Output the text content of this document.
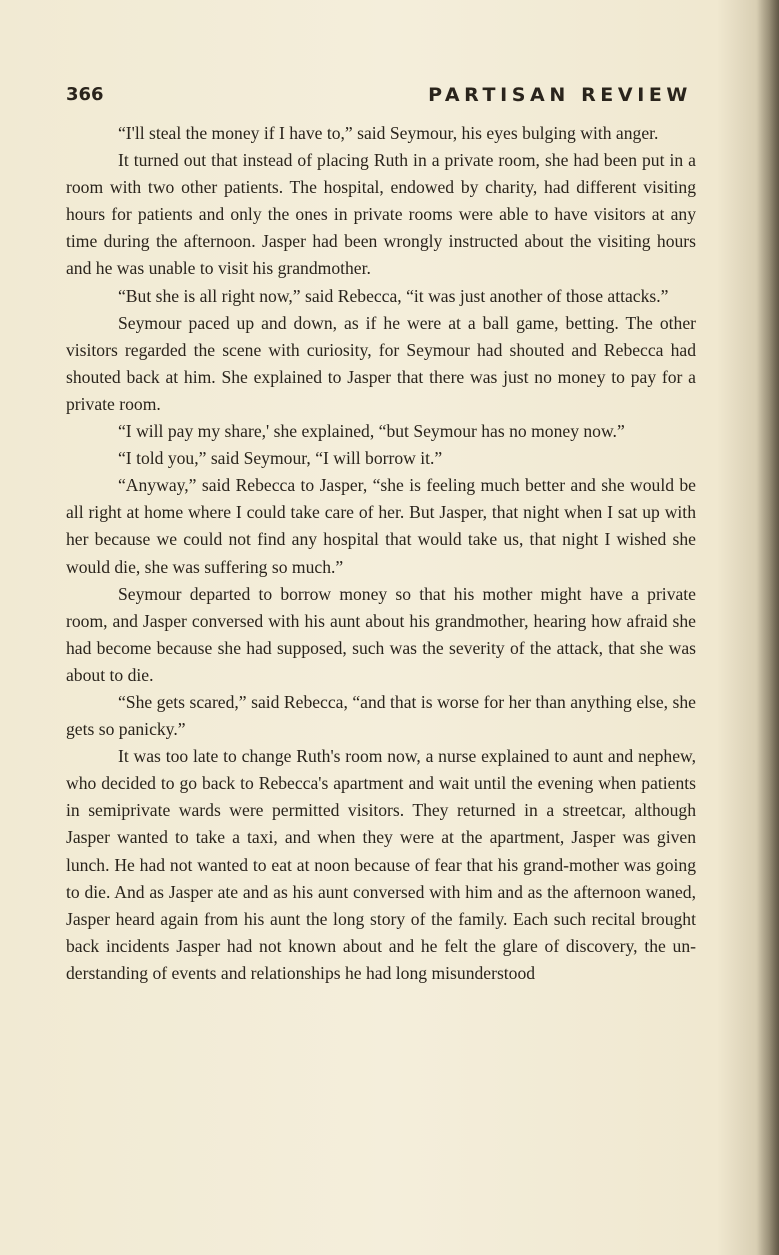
366	PARTISAN REVIEW

“I'll steal the money if I have to,” said Seymour, his eyes bulging with anger.

It turned out that instead of placing Ruth in a private room, she had been put in a room with two other patients. The hospital, endowed by charity, had different visiting hours for patients and only the ones in private rooms were able to have visitors at any time during the afternoon. Jasper had been wrongly instructed about the visiting hours and he was unable to visit his grandmother.

“But she is all right now,” said Rebecca, “it was just another of those attacks.”

Seymour paced up and down, as if he were at a ball game, betting. The other visitors regarded the scene with curiosity, for Seymour had shouted and Rebecca had shouted back at him. She explained to Jasper that there was just no money to pay for a private room.

“I will pay my share,' she explained, “but Seymour has no money now.”

“I told you,” said Seymour, “I will borrow it.”

“Anyway,” said Rebecca to Jasper, “she is feeling much better and she would be all right at home where I could take care of her. But Jasper, that night when I sat up with her because we could not find any hospital that would take us, that night I wished she would die, she was suffering so much.”

Seymour departed to borrow money so that his mother might have a private room, and Jasper conversed with his aunt about his grandmother, hearing how afraid she had become because she had supposed, such was the severity of the attack, that she was about to die.

“She gets scared,” said Rebecca, “and that is worse for her than anything else, she gets so panicky.”

It was too late to change Ruth's room now, a nurse explained to aunt and nephew, who decided to go back to Rebecca's apartment and wait until the evening when patients in semiprivate wards were permitted visitors. They returned in a streetcar, although Jasper wanted to take a taxi, and when they were at the apartment, Jasper was given lunch. He had not wanted to eat at noon because of fear that his grand-mother was going to die. And as Jasper ate and as his aunt conversed with him and as the afternoon waned, Jasper heard again from his aunt the long story of the family. Each such recital brought back incidents Jasper had not known about and he felt the glare of discovery, the un-derstanding of events and relationships he had long misunderstood
